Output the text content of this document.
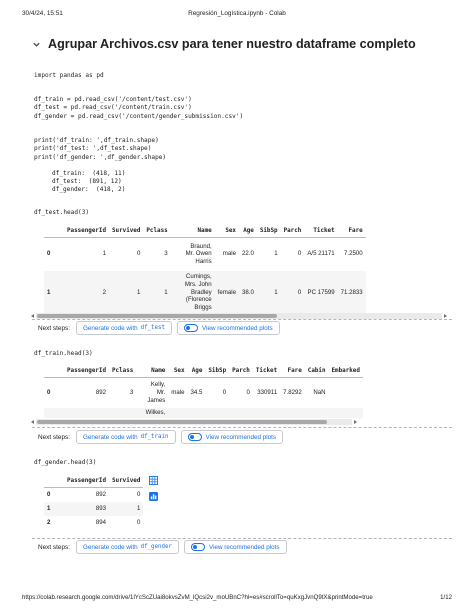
30/4/24, 15:51	Regresión_Logística.ipynb - Colab
Agrupar Archivos.csv para tener nuestro dataframe completo
import pandas as pd
df_train = pd.read_csv('/content/test.csv')
df_test = pd.read_csv('/content/train.csv')
df_gender = pd.read_csv('/content/gender_submission.csv')
print('df_train: ',df_train.shape)
print('df_test: ',df_test.shape)
print('df_gender: ',df_gender.shape)
df_train:  (418, 11)
df_test:  (891, 12)
df_gender:  (418, 2)
df_test.head(3)
	PassengerId	Survived	Pclass	Name	Sex	Age	SibSp	Parch	Ticket	Fare
0	1	0	3	Braund,
Mr. Owen
Harris	male	22.0	1	0	A/5 21171	7.2500
1	2	1	1	Cumings,
Mrs. John
Bradley
(Florence
Briggs	female	38.0	1	0	PC 17599	71.2833
Next steps: Generate code with df_test	View recommended plots
df_train.head(3)
	PassengerId	Pclass	Name	Sex	Age	SibSp	Parch	Ticket	Fare	Cabin	Embarked
0	892	3	Kelly,
Mr.
James	male	34.5	0	0	330911	7.8292	NaN	
			Wilkes,								
Next steps: Generate code with df_train	View recommended plots
df_gender.head(3)
	PassengerId	Survived
0	892	0
1	893	1
2	894	0
Next steps: Generate code with df_gender	View recommended plots
https://colab.research.google.com/drive/1lYcScZUai8okvsZvM_lQcsi2v_moUBnC?hl=es#scrollTo=quKxgJvnQ9tX&printMode=true	1/12
